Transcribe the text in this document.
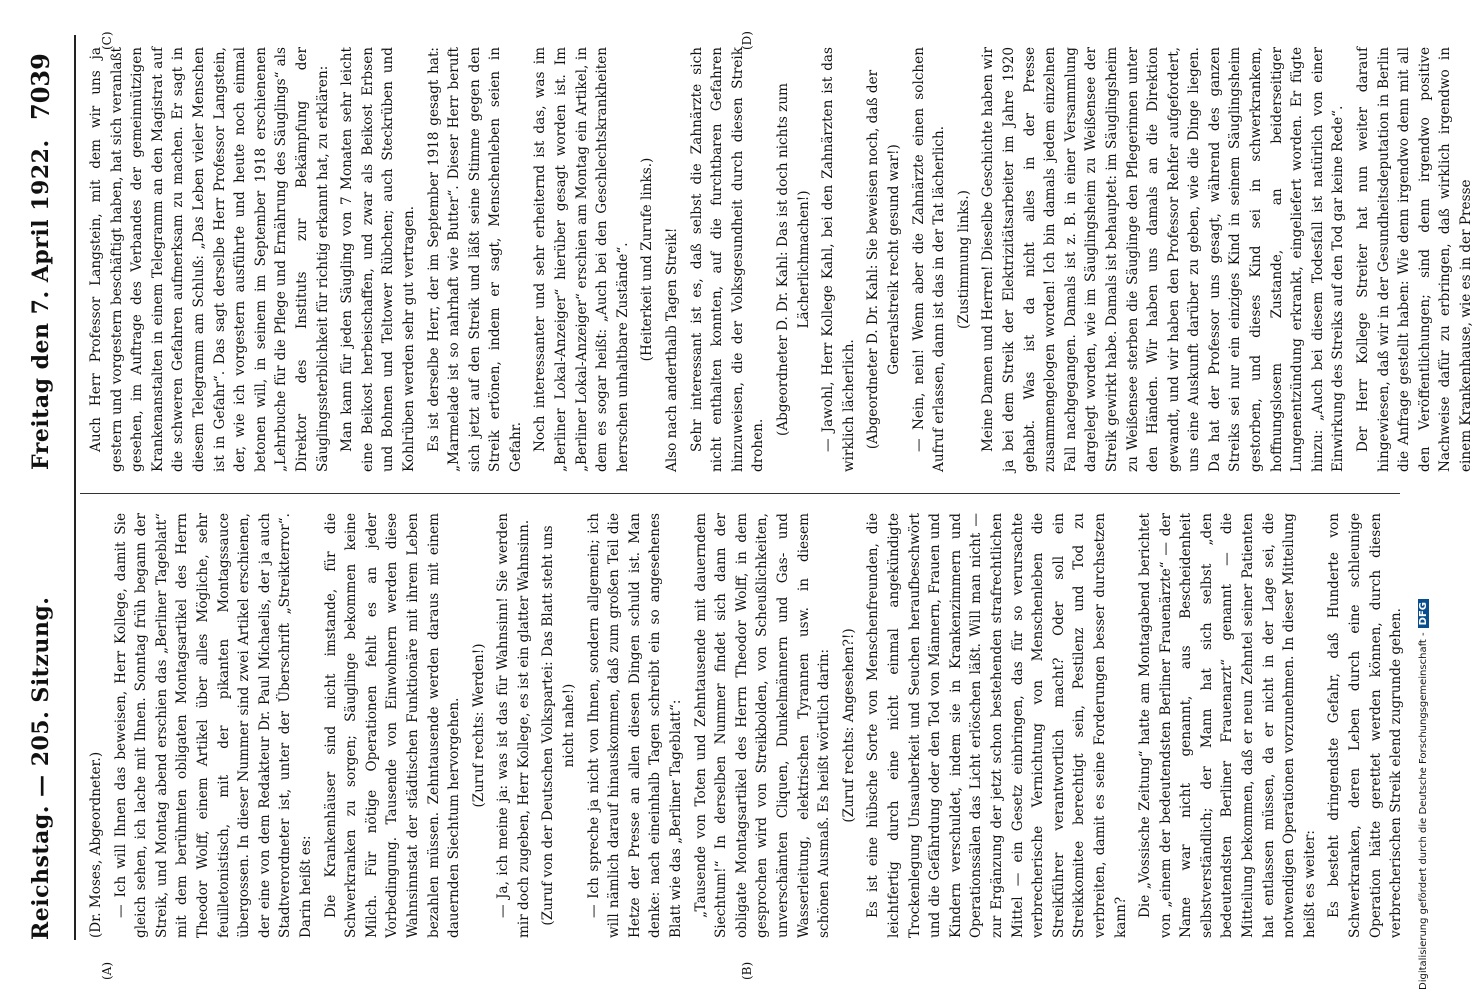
Reichstag. — 205. Sitzung.
Freitag den 7. April 1922.
7039
(A)	(B)
(C)	(D)

(Dr. Moses, Abgeordneter.) — Ich will Ihnen das beweisen, Herr Kollege, damit Sie gleich sehen, ich lache mit Ihnen. Sonntag früh begann der Streik, und Montag abend erschien das „Berliner Tageblatt“ mit dem berühmten obligaten Montagsartikel des Herrn Theodor Wolff, einem Artikel über alles Mögliche, sehr feuilletonistisch, mit der pikanten Montagssauce übergossen. In dieser Nummer sind zwei Artikel erschienen, der eine von dem Redakteur Dr. Paul Michaelis, der ja auch Stadtverordneter ist, unter der Überschrift „Streikterror“. Darin heißt es: Die Krankenhäuser sind nicht imstande, für die Schwerkranken zu sorgen; Säuglinge bekommen keine Milch. Für nötige Operationen fehlt es an jeder Vorbedingung. Tausende von Einwohnern werden diese Wahnsinnstat der städtischen Funktionäre mit ihrem Leben bezahlen müssen. Zehntausende werden daraus mit einem dauernden Siechtum hervorgehen. (Zuruf rechts: Werden!) — Ja, ich meine ja: was ist das für Wahnsinn! Sie werden mir doch zugeben, Herr Kollege, es ist ein glatter Wahnsinn. (Zuruf von der Deutschen Volkspartei: Das Blatt steht uns nicht nahe!) — Ich spreche ja nicht von Ihnen, sondern allgemein; ich will nämlich darauf hinauskommen, daß zum großen Teil die Hetze der Presse an allen diesen Dingen schuld ist. Man denke: nach eineinhalb Tagen schreibt ein so angesehenes Blatt wie das „Berliner Tageblatt“: „Tausende von Toten und Zehntausende mit dauerndem Siechtum!“ In derselben Nummer findet sich dann der obligate Montagsartikel des Herrn Theodor Wolff, in dem gesprochen wird von Streikbolden, von Scheußlichkeiten, unverschämten Cliquen, Dunkelmännern und Gas- und Wasserleitung, elektrischen Tyrannen usw. in diesem schönen Ausmaß. Es heißt wörtlich darin: (Zuruf rechts: Angesehen?!) Es ist eine hübsche Sorte von Menschenfreunden, die leichtfertig durch eine nicht einmal angekündigte Trockenlegung Unsauberkeit und Seuchen heraufbeschwört und die Gefährdung oder den Tod von Männern, Frauen und Kindern verschuldet, indem sie in Krankenzimmern und Operationssälen das Licht erlöschen läßt. Will man nicht — zur Ergänzung der jetzt schon bestehenden strafrechtlichen Mittel — ein Gesetz einbringen, das für so verursachte verbrecherische Vernichtung von Menschenleben die Streikführer verantwortlich macht? Oder soll ein Streikkomitee berechtigt sein, Pestilenz und Tod zu verbreiten, damit es seine Forderungen besser durchsetzen kann? Die „Vossische Zeitung“ hatte am Montagabend berichtet von „einem der bedeutendsten Berliner Frauenärzte“ — der Name war nicht genannt, aus Bescheidenheit selbstverständlich; der Mann hat sich selbst „den bedeutendsten Berliner Frauenarzt“ genannt — die Mitteilung bekommen, daß er neun Zehntel seiner Patienten hat entlassen müssen, da er nicht in der Lage sei, die notwendigen Operationen vorzunehmen. In dieser Mitteilung heißt es weiter: Es besteht dringendste Gefahr, daß Hunderte von Schwerkranken, deren Leben durch eine schleunige Operation hätte gerettet werden können, durch diesen verbrecherischen Streik elend zugrunde gehen.

Auch Herr Professor Langstein, mit dem wir uns ja gestern und vorgestern beschäftigt haben, hat sich veranlaßt gesehen, im Auftrage des Verbandes der gemeinnützigen Krankenanstalten in einem Telegramm an den Magistrat auf die schweren Gefahren aufmerksam zu machen. Er sagt in diesem Telegramm am Schluß: „Das Leben vieler Menschen ist in Gefahr“. Das sagt derselbe Herr Professor Langstein, der, wie ich vorgestern ausführte und heute noch einmal betonen will, in seinem im September 1918 erschienenen „Lehrbuche für die Pflege und Ernährung des Säuglings“ als Direktor des Instituts zur Bekämpfung der Säuglingssterblichkeit für richtig erkannt hat, zu erklären: Man kann für jeden Säugling von 7 Monaten sehr leicht eine Beikost herbeischaffen, und zwar als Beikost Erbsen und Bohnen und Teltower Rübchen; auch Steckrüben und Kohlrüben werden sehr gut vertragen. Es ist derselbe Herr, der im September 1918 gesagt hat: „Marmelade ist so nahrhaft wie Butter“. Dieser Herr beruft sich jetzt auf den Streik und läßt seine Stimme gegen den Streik ertönen, indem er sagt, Menschenleben seien in Gefahr. Noch interessanter und sehr erheiternd ist das, was im „Berliner Lokal-Anzeiger“ hierüber gesagt worden ist. Im „Berliner Lokal-Anzeiger“ erschien am Montag ein Artikel, in dem es sogar heißt: „Auch bei den Geschlechtskrankheiten herrschen unhaltbare Zustände“. (Heiterkeit und Zurufe links.) Also nach anderthalb Tagen Streik! Sehr interessant ist es, daß selbst die Zahnärzte sich nicht enthalten konnten, auf die furchtbaren Gefahren hinzuweisen, die der Volksgesundheit durch diesen Streik drohen.

(Abgeordneter D. Dr. Kahl: Das ist doch nichts zum Lächerlichmachen!) — Jawohl, Herr Kollege Kahl, bei den Zahnärzten ist das wirklich lächerlich. (Abgeordneter D. Dr. Kahl: Sie beweisen noch, daß der Generalstreik recht gesund war!) — Nein, nein! Wenn aber die Zahnärzte einen solchen Aufruf erlassen, dann ist das in der Tat lächerlich. (Zustimmung links.) Meine Damen und Herren! Dieselbe Geschichte haben wir ja bei dem Streik der Elektrizitätsarbeiter im Jahre 1920 gehabt. Was ist da nicht alles in der Presse zusammengelogen worden! Ich bin damals jedem einzelnen Fall nachgegangen. Damals ist z. B. in einer Versammlung dargelegt worden, wie im Säuglingsheim zu Weißensee der Streik gewirkt habe. Damals ist behauptet: im Säuglingsheim zu Weißensee sterben die Säuglinge den Pflegerinnen unter den Händen. Wir haben uns damals an die Direktion gewandt, und wir haben den Professor Rehfer aufgefordert, uns eine Auskunft darüber zu geben, wie die Dinge liegen. Da hat der Professor uns gesagt, während des ganzen Streiks sei nur ein einziges Kind in seinem Säuglingsheim gestorben, und dieses Kind sei in schwerkrankem, hoffnungslosem Zustande, an beiderseitiger Lungenentzündung erkrankt, eingeliefert worden. Er fügte hinzu: „Auch bei diesem Todesfall ist natürlich von einer Einwirkung des Streiks auf den Tod gar keine Rede“. Der Herr Kollege Streiter hat nun weiter darauf hingewiesen, daß wir in der Gesundheitsdeputation in Berlin die Anfrage gestellt haben: Wie denn irgendwo denn mit all den Veröffentlichungen; sind denn irgendwo positive Nachweise dafür zu erbringen, daß wirklich irgendwo in einem Krankenhause, wie es in der Presse

Digitalisierung gefördert durch die Deutsche Forschungsgemeinschaft -DFG
